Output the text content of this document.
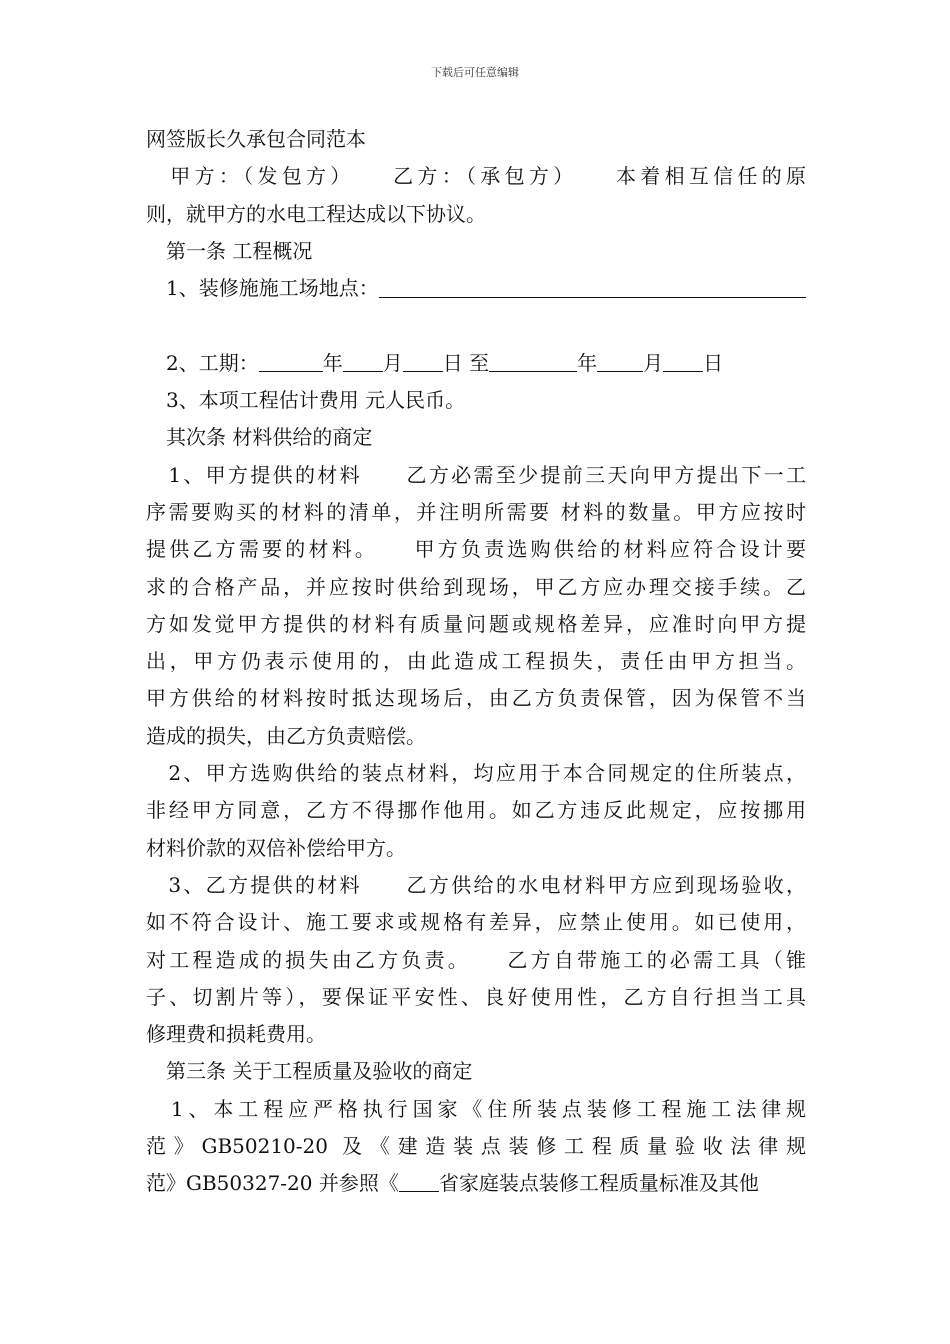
下载后可任意编辑
网签版长久承包合同范本
　甲方：（发包方）　　乙方：（承包方）　　本着相互信任的原
则，就甲方的水电工程达成以下协议。
　第一条 工程概况
　1、装修施施工场地点：

　2、工期：	年 月 日 至	年 月 日
　3、本项工程估计费用 元人民币。
　其次条 材料供给的商定
　1、甲方提供的材料　　乙方必需至少提前三天向甲方提出下一工
序需要购买的材料的清单，并注明所需要 材料的数量。甲方应按时
提供乙方需要的材料。　　甲方负责选购供给的材料应符合设计要
求的合格产品，并应按时供给到现场，甲乙方应办理交接手续。乙
方如发觉甲方提供的材料有质量问题或规格差异，应准时向甲方提
出，甲方仍表示使用的，由此造成工程损失，责任由甲方担当。
甲方供给的材料按时抵达现场后，由乙方负责保管，因为保管不当
造成的损失，由乙方负责赔偿。
　2、甲方选购供给的装点材料，均应用于本合同规定的住所装点，
非经甲方同意，乙方不得挪作他用。如乙方违反此规定，应按挪用
材料价款的双倍补偿给甲方。
　3、乙方提供的材料　　乙方供给的水电材料甲方应到现场验收，
如不符合设计、施工要求或规格有差异，应禁止使用。如已使用，
对工程造成的损失由乙方负责。　　乙方自带施工的必需工具（锥
子、切割片等），要保证平安性、良好使用性，乙方自行担当工具
修理费和损耗费用。
　第三条 关于工程质量及验收的商定
　1、本工程应严格执行国家《住所装点装修工程施工法律规
范》GB50210-20 及《建造装点装修工程质量验收法律规
范》GB50327-20 并参照《 省家庭装点装修工程质量标准及其他
